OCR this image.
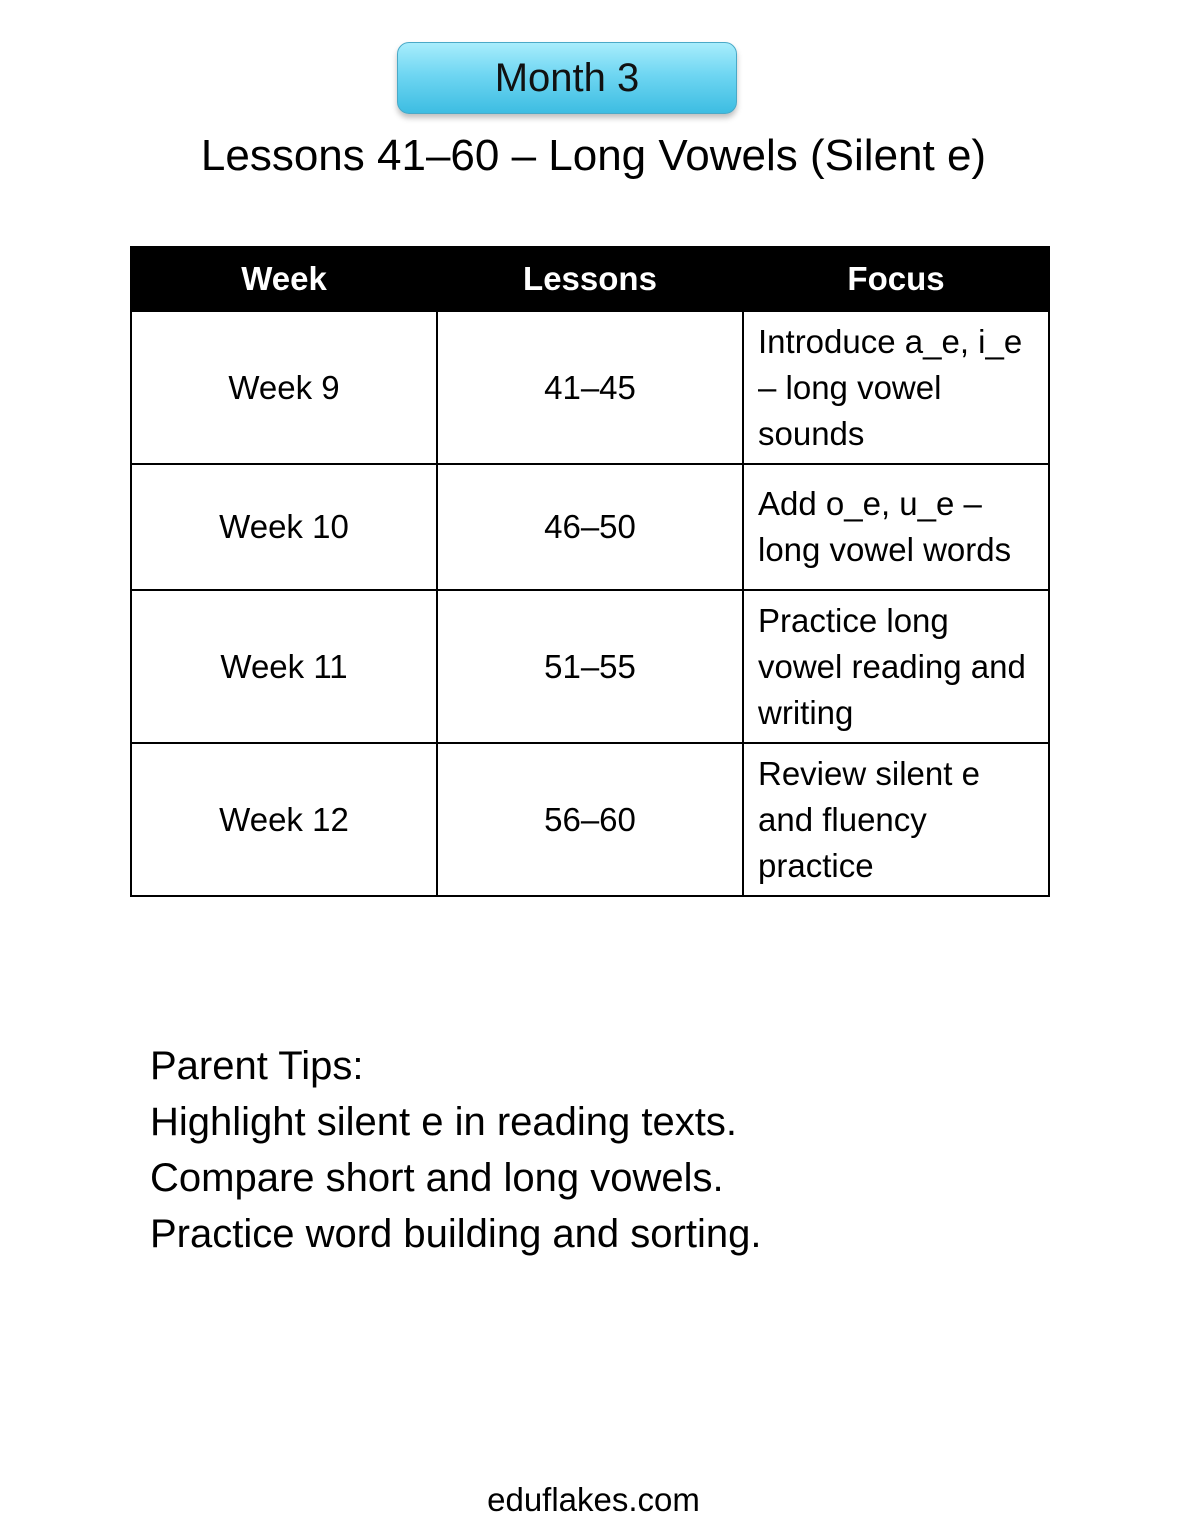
Month 3
Lessons 41–60 – Long Vowels (Silent e)
Week	Lessons	Focus
Week 9	41–45	Introduce a_e, i_e – long vowel sounds
Week 10	46–50	Add o_e, u_e – long vowel words
Week 11	51–55	Practice long vowel reading and writing
Week 12	56–60	Review silent e and fluency practice
Parent Tips:
Highlight silent e in reading texts.
Compare short and long vowels.
Practice word building and sorting.
eduflakes.com
